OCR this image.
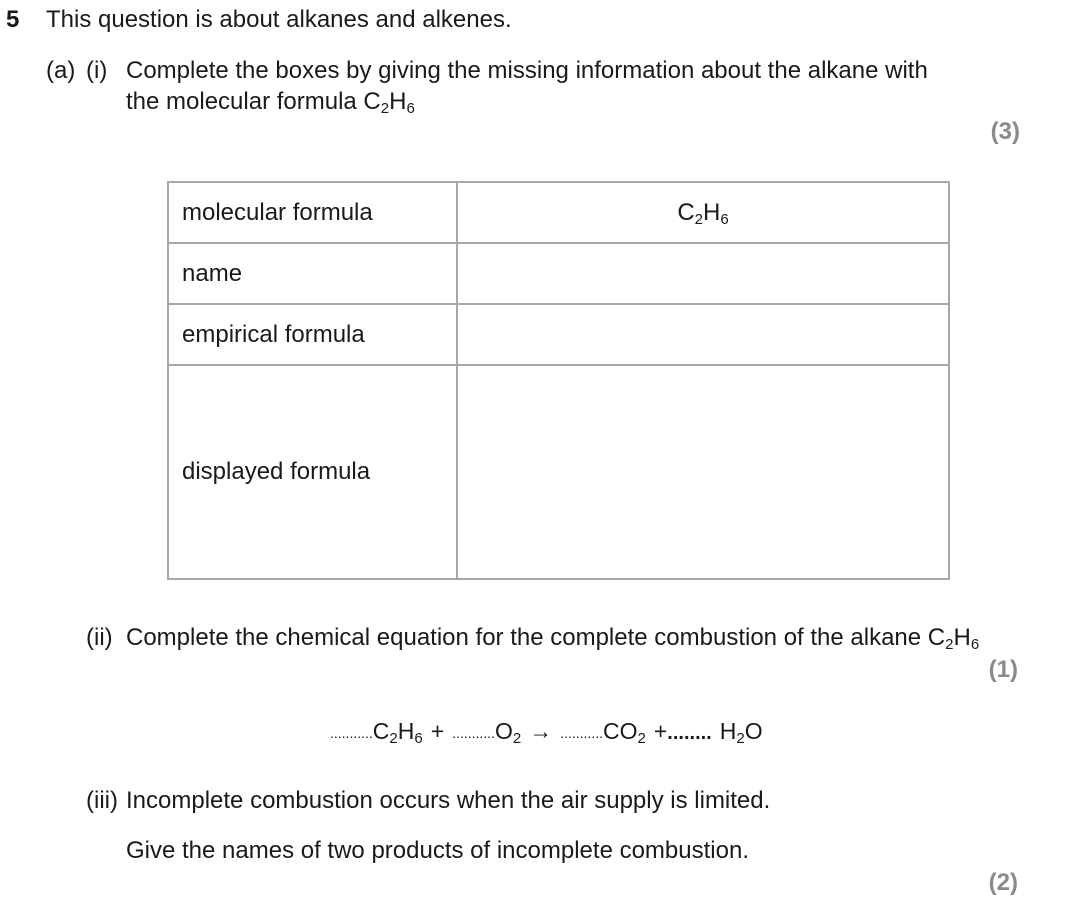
5 This question is about alkanes and alkenes.
(a) (i) Complete the boxes by giving the missing information about the alkane with
the molecular formula $C_2H_6$
(3)
molecular formula	$C_2H_6$
name	
empirical formula	
displayed formula	
(ii) Complete the chemical equation for the complete combustion of the alkane $C_2H_6$
(1)
$...........C_2H_6 + ...........O_2 \to ...........CO_2$ +........ $H_2O$
(iii) Incomplete combustion occurs when the air supply is limited.
Give the names of two products of incomplete combustion.
(2)
